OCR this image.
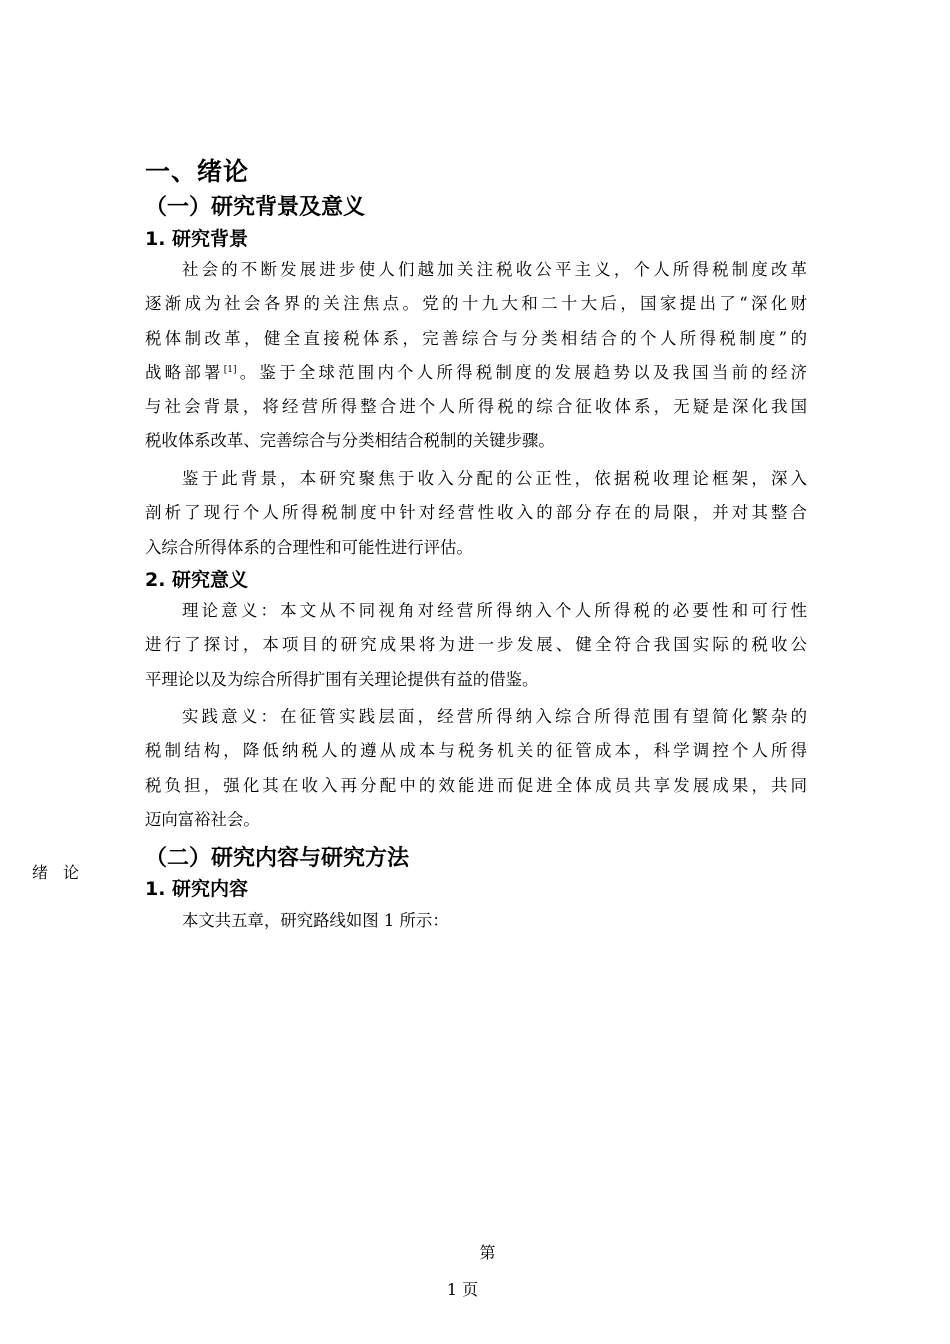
一、绪论
（一）研究背景及意义
1. 研究背景
社会的不断发展进步使人们越加关注税收公平主义，个人所得税制度改革
逐渐成为社会各界的关注焦点。党的十九大和二十大后，国家提出了“深化财
税体制改革，健全直接税体系，完善综合与分类相结合的个人所得税制度”的
战略部署[1]。鉴于全球范围内个人所得税制度的发展趋势以及我国当前的经济
与社会背景，将经营所得整合进个人所得税的综合征收体系，无疑是深化我国
税收体系改革、完善综合与分类相结合税制的关键步骤。
鉴于此背景，本研究聚焦于收入分配的公正性，依据税收理论框架，深入
剖析了现行个人所得税制度中针对经营性收入的部分存在的局限，并对其整合
入综合所得体系的合理性和可能性进行评估。
2. 研究意义
理论意义：本文从不同视角对经营所得纳入个人所得税的必要性和可行性
进行了探讨，本项目的研究成果将为进一步发展、健全符合我国实际的税收公
平理论以及为综合所得扩围有关理论提供有益的借鉴。
实践意义：在征管实践层面，经营所得纳入综合所得范围有望简化繁杂的
税制结构，降低纳税人的遵从成本与税务机关的征管成本，科学调控个人所得
税负担，强化其在收入再分配中的效能进而促进全体成员共享发展成果，共同
迈向富裕社会。
（二）研究内容与研究方法
绪论
1. 研究内容
本文共五章，研究路线如图 1 所示：
第
1 页
